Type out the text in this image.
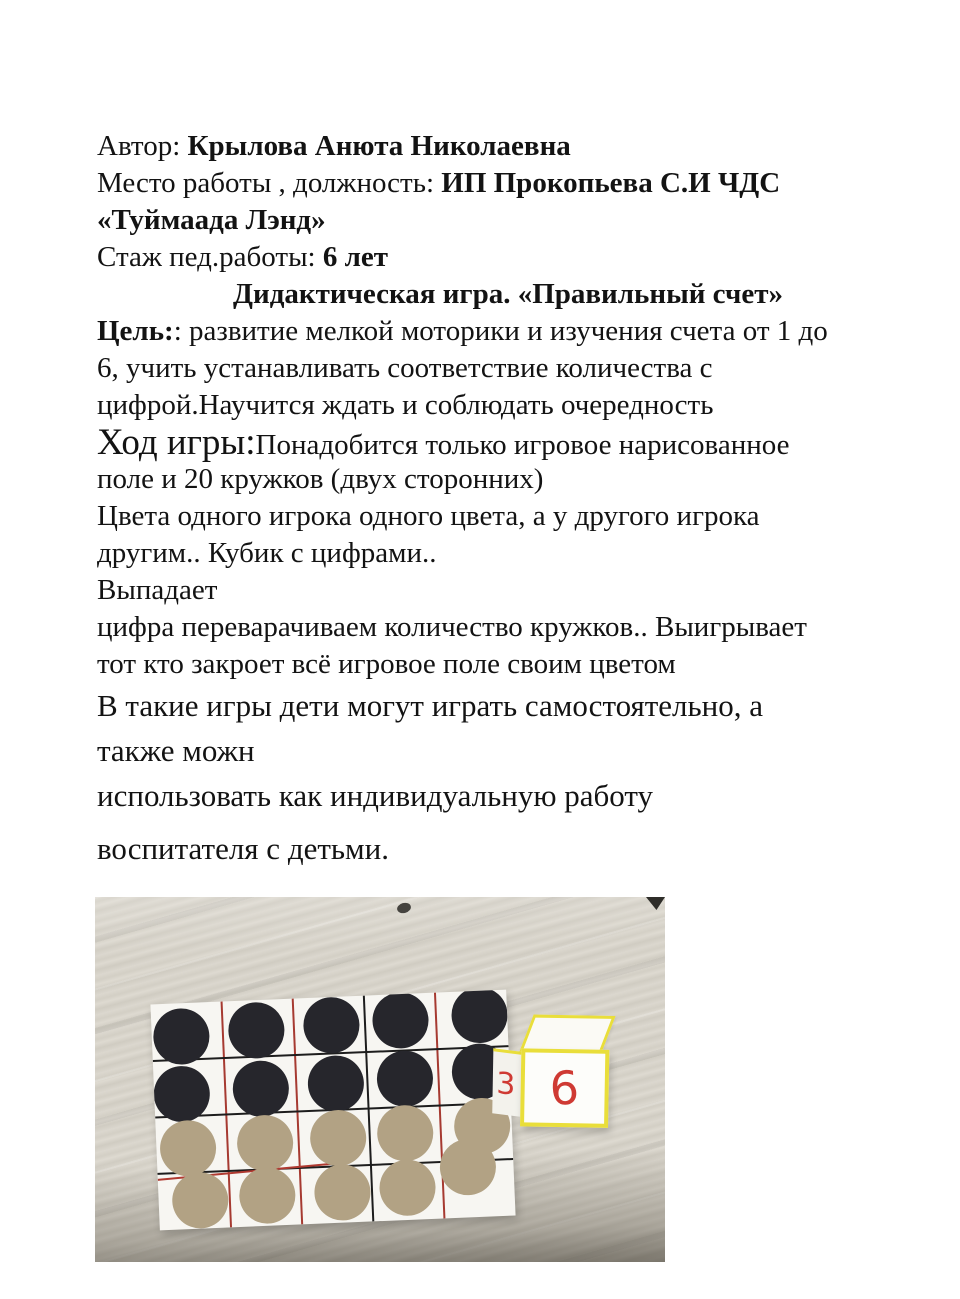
Автор: Крылова Анюта Николаевна
Место работы , должность: ИП Прокопьева С.И ЧДС
«Туймаада Лэнд»
Стаж пед.работы: 6 лет
Дидактическая игра. «Правильный счет»
Цель:: развитие мелкой моторики и изучения счета от 1 до
6, учить устанавливать соответствие количества с
цифрой.Научится ждать и соблюдать очередность
Ход игры:Понадобится только игровое нарисованное
поле и 20 кружков (двух сторонних)
Цвета одного игрока одного цвета, а у другого игрока
другим.. Кубик с цифрами..
Выпадает
цифра переварачиваем количество кружков.. Выигрывает
тот кто закроет всё игровое поле своим цветом
В такие игры дети могут играть самостоятельно, а
также можн
использовать как индивидуальную работу
воспитателя с детьми.
3 6
